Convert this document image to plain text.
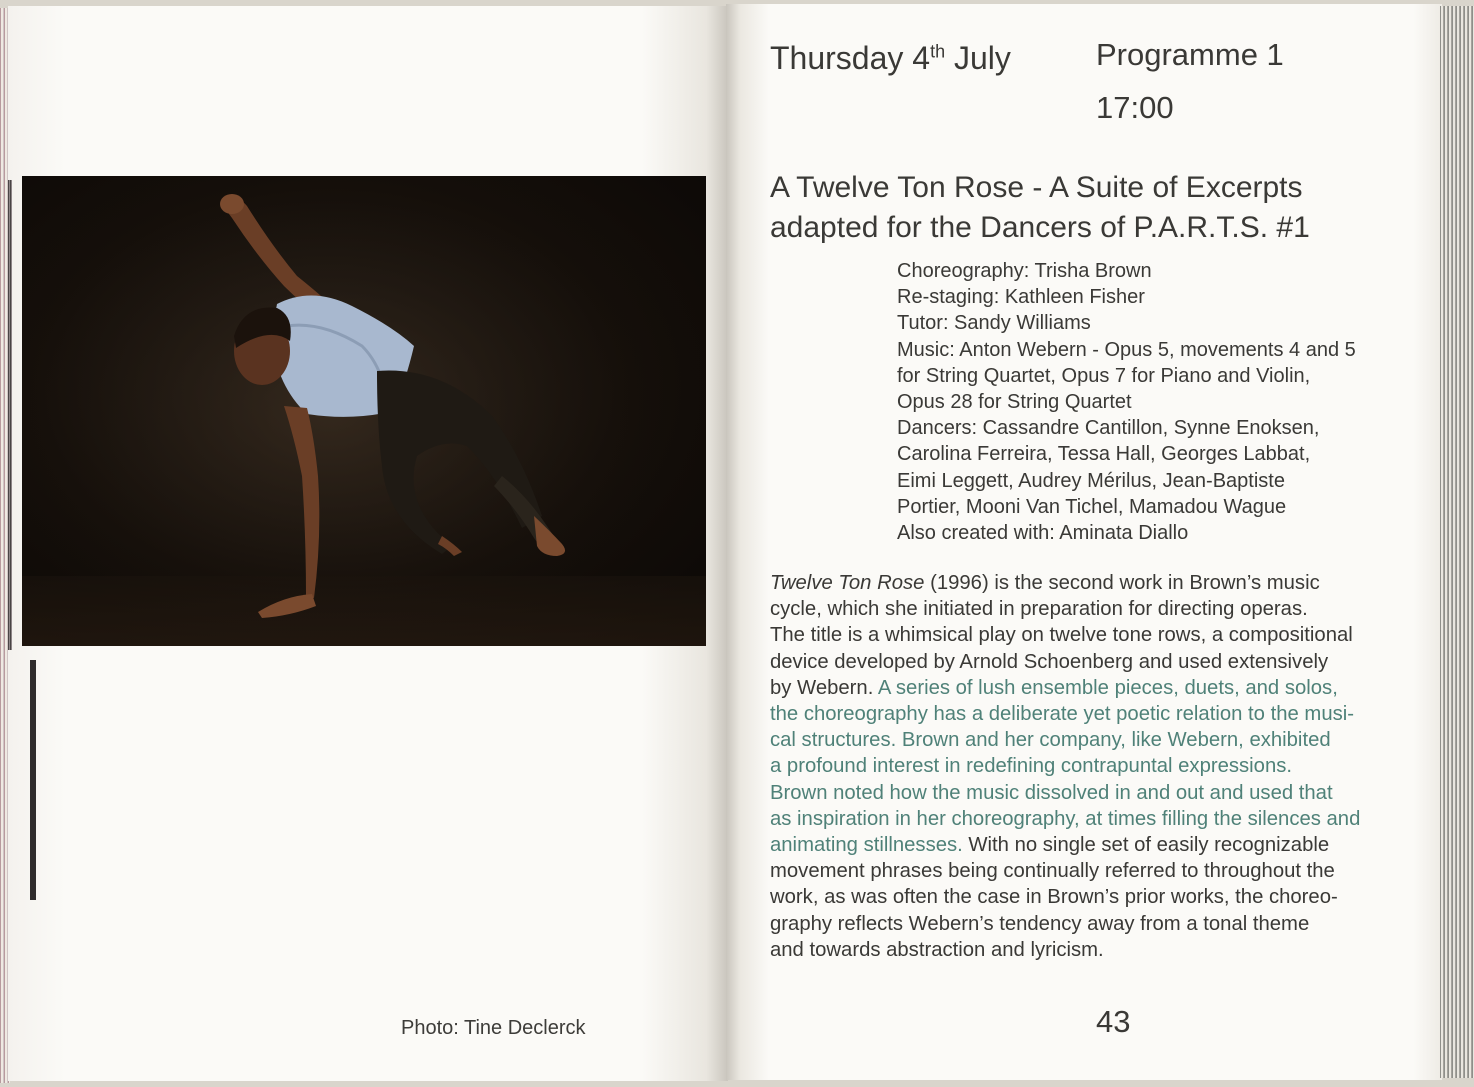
Photo: Tine Declerck
Thursday 4th July	Programme 1
17:00
A Twelve Ton Rose - A Suite of Excerpts
adapted for the Dancers of P.A.R.T.S. #1
Choreography: Trisha Brown
Re-staging: Kathleen Fisher
Tutor: Sandy Williams
Music: Anton Webern - Opus 5, movements 4 and 5
for String Quartet, Opus 7 for Piano and Violin,
Opus 28 for String Quartet
Dancers: Cassandre Cantillon, Synne Enoksen,
Carolina Ferreira, Tessa Hall, Georges Labbat,
Eimi Leggett, Audrey Mérilus, Jean-Baptiste
Portier, Mooni Van Tichel, Mamadou Wague
Also created with: Aminata Diallo
Twelve Ton Rose (1996) is the second work in Brown’s music
cycle, which she initiated in preparation for directing operas.
The title is a whimsical play on twelve tone rows, a compositional
device developed by Arnold Schoenberg and used extensively
by Webern. A series of lush ensemble pieces, duets, and solos,
the choreography has a deliberate yet poetic relation to the musi-
cal structures. Brown and her company, like Webern, exhibited
a profound interest in redefining contrapuntal expressions.
Brown noted how the music dissolved in and out and used that
as inspiration in her choreography, at times filling the silences and
animating stillnesses. With no single set of easily recognizable
movement phrases being continually referred to throughout the
work, as was often the case in Brown’s prior works, the choreo-
graphy reflects Webern’s tendency away from a tonal theme
and towards abstraction and lyricism.
43
